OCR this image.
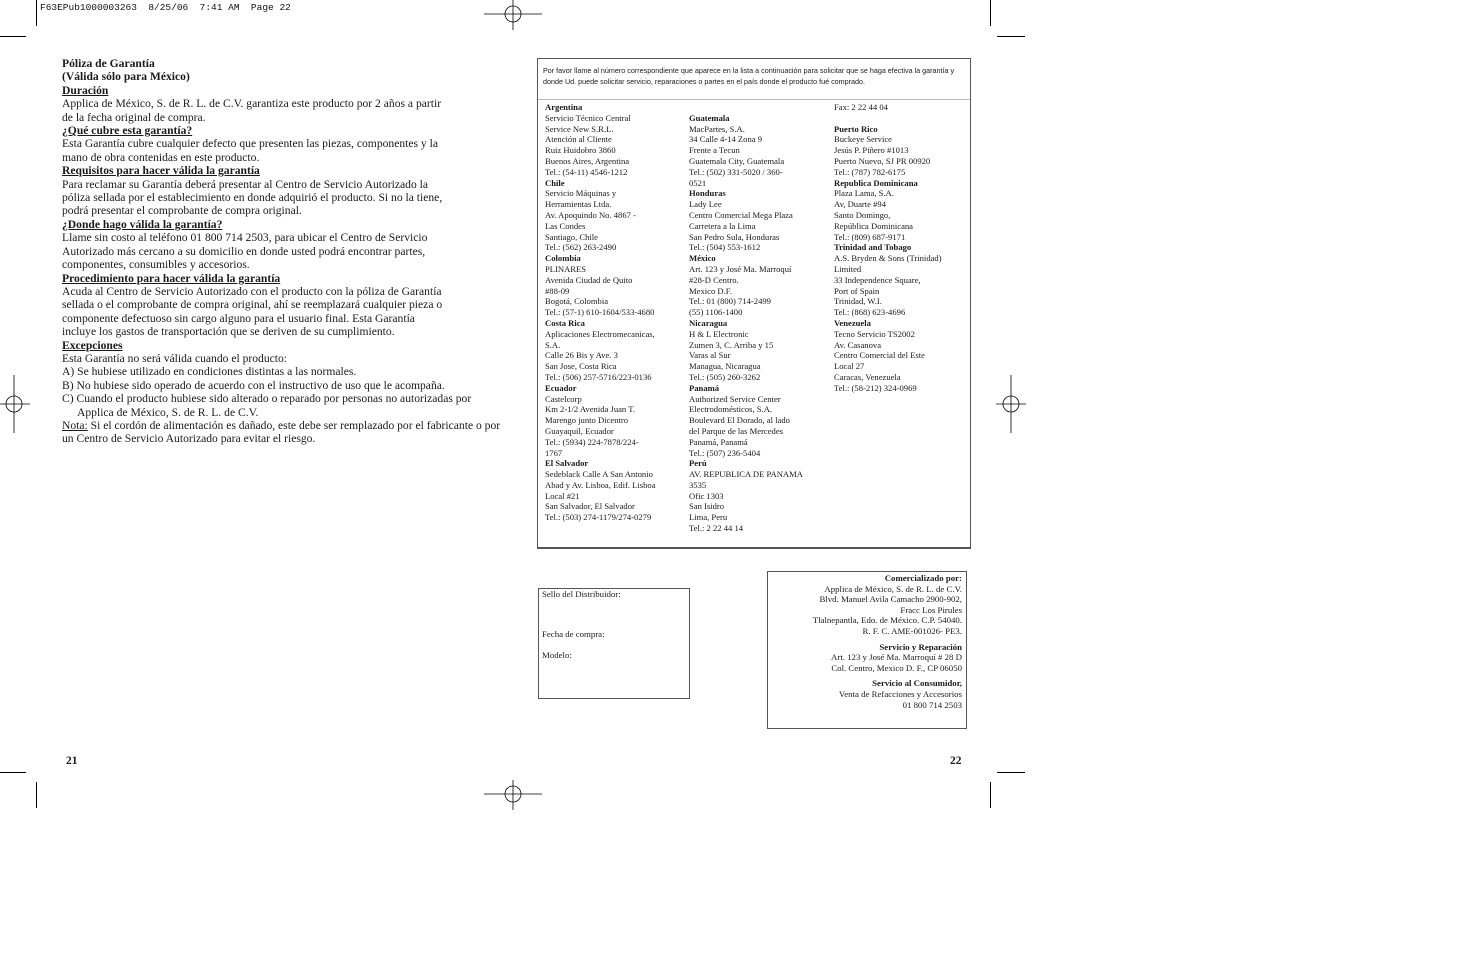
F63EPub1000003263  8/25/06  7:41 AM  Page 22

Póliza de Garantía

(Válida sólo para México)

Duración

Applica de México, S. de R. L. de C.V. garantiza este producto por 2 años a partir

de la fecha original de compra.

¿Qué cubre esta garantía?

Esta Garantía cubre cualquier defecto que presenten las piezas, componentes y la

mano de obra contenidas en este producto.

Requisitos para hacer válida la garantía

Para reclamar su Garantía deberá presentar al Centro de Servicio Autorizado la

póliza sellada por el establecimiento en donde adquirió el producto. Si no la tiene,

podrá presentar el comprobante de compra original.

¿Donde hago válida la garantía?

Llame sin costo al teléfono 01 800 714 2503, para ubicar el Centro de Servicio

Autorizado más cercano a su domicilio en donde usted podrá encontrar partes,

componentes, consumibles y accesorios.

Procedimiento para hacer válida la garantía

Acuda al Centro de Servicio Autorizado con el producto con la póliza de Garantía

sellada o el comprobante de compra original, ahí se reemplazará cualquier pieza o

componente defectuoso sin cargo alguno para el usuario final. Esta Garantía

incluye los gastos de transportación que se deriven de su cumplimiento.

Excepciones

Esta Garantía no será válida cuando el producto:

A) Se hubiese utilizado en condiciones distintas a las normales.

B) No hubiese sido operado de acuerdo con el instructivo de uso que le acompaña.

C) Cuando el producto hubiese sido alterado o reparado por personas no autorizadas por Applica de México, S. de R. L. de C.V.

Nota: Si el cordón de alimentación es dañado, este debe ser remplazado por el fabricante o por un Centro de Servicio Autorizado para evitar el riesgo.

21
Por favor llame al número correspondiente que aparece en la lista a continuación para solicitar que se haga efectiva la garantía y donde Ud. puede solicitar servicio, reparaciones o partes en el país donde el producto fué comprado.
Argentina
Servicio Técnico Central
Service New S.R.L.
Atención al Cliente
Ruiz Huidobro 3860
Buenos Aires, Argentina
Tel.: (54-11) 4546-1212
Chile
Servicio Máquinas y
Herramientas Ltda.
Av. Apoquindo No. 4867 -
Las Condes
Santiago, Chile
Tel.: (562) 263-2490
Colombia
PLINARES
Avenida Ciudad de Quito
#88-09
Bogotá, Colombia
Tel.: (57-1) 610-1604/533-4680
Costa Rica
Aplicaciones Electromecanicas,
S.A.
Calle 26 Bis y Ave. 3
San Jose, Costa Rica
Tel.: (506) 257-5716/223-0136
Ecuador
Castelcorp
Km 2-1/2 Avenida Juan T.
Marengo junto Dicentro
Guayaquil, Ecuador
Tel.: (5934) 224-7878/224-
1767
El Salvador
Sedeblack Calle A San Antonio
Abad y Av. Lisboa, Edif. Lisboa
Local #21
San Salvador, El Salvador
Tel.: (503) 274-1179/274-0279

Guatemala
MacPartes, S.A.
34 Calle 4-14 Zona 9
Frente a Tecun
Guatemala City, Guatemala
Tel.: (502) 331-5020 / 360-
0521
Honduras
Lady Lee
Centro Comercial Mega Plaza
Carretera a la Lima
San Pedro Sula, Honduras
Tel.: (504) 553-1612
México
Art. 123 y José Ma. Marroquí
#28-D Centro.
Mexico D.F.
Tel.: 01 (800) 714-2499
(55) 1106-1400
Nicaragua
H & L Electronic
Zumen 3, C. Arriba y 15
Varas al Sur
Managua, Nicaragua
Tel.: (505) 260-3262
Panamá
Authorized Service Center
Electrodomésticos, S.A.
Boulevard El Dorado, al lado
del Parque de las Mercedes
Panamá, Panamá
Tel.: (507) 236-5404
Perú
AV. REPUBLICA DE PANAMA
3535
Ofic 1303
San Isidro
Lima, Peru
Tel.: 2 22 44 14
Fax: 2 22 44 04

Puerto Rico
Buckeye Service
Jesús P. Piñero #1013
Puerto Nuevo, SJ PR 00920
Tel.: (787) 782-6175
Republica Dominicana
Plaza Lama, S.A.
Av, Duarte #94
Santo Domingo,
República Dominicana
Tel.: (809) 687-9171
Trinidad and Tobago
A.S. Bryden & Sons (Trinidad)
Limited
33 Independence Square,
Port of Spain
Trinidad, W.I.
Tel.: (868) 623-4696
Venezuela
Tecno Servicio TS2002
Av. Casanova
Centro Comercial del Este
Local 27
Caracas, Venezuela
Tel.: (58-212) 324-0969
Sello del Distribuidor:
Fecha de compra:
Modelo:
Comercializado por:
Applica de México, S. de R. L. de C.V.
Blvd. Manuel Avila Camacho 2900-902,
Fracc Los Pirules
Tlalnepantla, Edo. de México. C.P. 54040.
R. F. C. AME-001026- PE3.
Servicio y Reparación
Art. 123 y José Ma. Marroquí # 28 D
Col. Centro, Mexico D. F., CP 06050
Servicio al Consumidor,
Venta de Refacciones y Accesorios
01 800 714 2503
22
